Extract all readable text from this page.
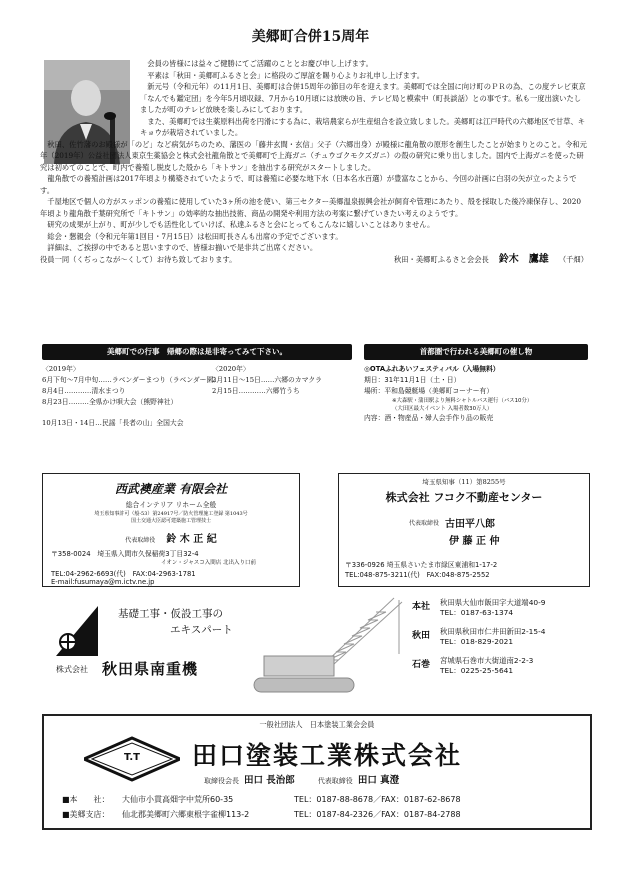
美郷町合併15周年

会員の皆様には益々ご健勝にてご活躍のこととお慶び申し上げます。

平素は「秋田・美郷町ふるさと会」に格段のご厚誼を賜り心よりお礼申し上げます。

新元号（令和元年）の11月1日、美郷町は合併15周年の節目の年を迎えます。美郷町では全国に向け町のＰＲの為、この度テレビ東京「なんでも鑑定団」を今年5月頃収録、7月から10月頃には放映の旨、テレビ局と模索中（町長談話）との事です。私も一度出演いたしましたが町のテレビ放映を楽しみにしております。

また、美郷町では生薬原料出荷を円滑にする為に、栽培農家らが生産組合を設立致しました。美郷町は江戸時代の六郷地区で甘草、キキョウが栽培されていました。

秋田、佐竹藩のお殿様が「のど」など病気がちのため、藩医の「藤井玄間・玄信」父子（六郷出身）が殿様に龍角散の原形を創生したことが始まりとのこと。令和元年（2019年）公益社団法人東京生薬協会と株式会社龍角散とで美郷町で上海ガニ（チュウゴクモクズガニ）の殻の研究に乗り出しました。国内で上海ガニを使った研究は初めてのことで、町内で養殖し脱皮した殻から「キトサン」を抽出する研究がスタートしました。

龍角散での養殖計画は2017年頃より構築されていたようで、町は養殖に必要な地下水（日本名水百選）が豊富なことから、今回の計画に白羽の矢が立ったようです。

千屋地区で個人の方がスッポンの養殖に使用していた3ヶ所の池を使い、第三セクター美郷温泉振興会社が飼育や管理にあたり、殻を採取した後冷凍保存し、2020年頃より龍角散千葉研究所で「キトサン」の効率的な抽出技術、商品の開発や利用方法の考案に繋げていきたい考えのようです。

研究の成果が上がり、町が少しでも活性化していけば、私達ふるさと会にとってもこんなに嬉しいことはありません。

総会・懇親会（令和元年第1回目・7月15日）は松田町長さんも出席の予定でございます。

詳細は、ご挨拶の中であると思いますので、皆様お揃いで是非共ご出席ください。

役員一同（くぢっこなが〜くして）お待ち致しております。	秋田・美郷町ふるさと会会長 鈴木　鷹雄 （千畑）
美郷町での行事　帰郷の際は是非寄ってみて下さい。
〈2019年〉
6月下旬〜7月中旬……ラベンダーまつり（ラベンダー園）
8月4日…………清水まつり
8月23日………全県かけ唄大会（熊野神社）
10月13日・14日…民謡「長者の山」全国大会
〈2020年〉
2月11日〜15日……六郷のカマクラ
2月15日…………六郷竹うち
首都圏で行われる美郷町の催し物
◎OTAふれあいフェスティバル（入場無料）
期日：31年11月1日（土・日）
場所：平和島競艇場（美郷町コーナー有）
※大森駅・蒲田駅より無料シャトルバス運行（バス10分）
（大田区最大イベント 入場者数30万人）
内容：酒・物産品・婦人会手作り品の販売
西武襖産業 有限会社
総合インテリア リホーム全般
埼玉県知事許可（般-53）第24917号／防火管理施工登録 第1043号
国土交通大臣認可建築施工管理技士
代表取締役 鈴 木 正 紀
〒358-0024　埼玉県入間市久保稲荷3丁目32-4
イオン・ジャスコ入間店 北出入り口前
TEL:04-2962-6693(代)　FAX:04-2963-1781
E-mail:fusumaya@m.ictv.ne.jp
埼玉県知事（11）第8255号
株式会社 フコク不動産センター
代表取締役 古田平八郎
伊 藤 正 仲
〒336-0926 埼玉県さいたま市緑区東浦和1-17-2
TEL:048-875-3211(代)　FAX:048-875-2552
基礎工事・仮設工事の
エキスパート
株式会社 秋田県南重機
本社	秋田県大仙市飯田字大道端40-9
TEL：0187-63-1374
秋田	秋田県秋田市仁井田新田2-15-4
TEL：018-829-2021
石巻	宮城県石巻市大街道南2-2-3
TEL：0225-25-5641
一般社団法人　日本塗装工業会会員
T.T	田口塗装工業株式会社
取締役会長 田口 長治郎	代表取締役 田口 真澄
■本　　社： 大仙市小貫高畑字中荒所60-35	TEL：0187-88-8678／FAX：0187-62-8678
■美郷支店： 仙北郡美郷町六郷東根字雀柳113-2	TEL：0187-84-2326／FAX：0187-84-2788
